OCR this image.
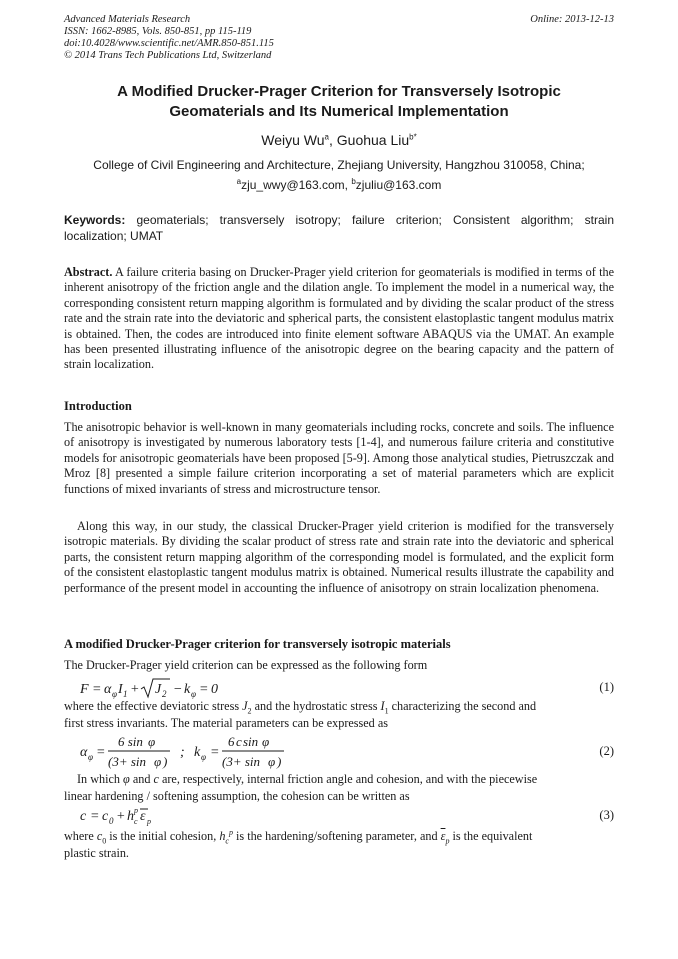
Advanced Materials Research
ISSN: 1662-8985, Vols. 850-851, pp 115-119
doi:10.4028/www.scientific.net/AMR.850-851.115
© 2014 Trans Tech Publications Ltd, Switzerland
Online: 2013-12-13
A Modified Drucker-Prager Criterion for Transversely Isotropic
Geomaterials and Its Numerical Implementation
Weiyu Wu$^a$, Guohua Liu$^{b*}$
College of Civil Engineering and Architecture, Zhejiang University, Hangzhou 310058, China;
$^a$zju_wwy@163.com, $^b$zjuliu@163.com
Keywords: geomaterials; transversely isotropy; failure criterion; Consistent algorithm; strain localization; UMAT
Abstract. A failure criteria basing on Drucker-Prager yield criterion for geomaterials is modified in terms of the inherent anisotropy of the friction angle and the dilation angle. To implement the model in a numerical way, the corresponding consistent return mapping algorithm is formulated and by dividing the scalar product of the stress rate and the strain rate into the deviatoric and spherical parts, the consistent elastoplastic tangent modulus matrix is obtained. Then, the codes are introduced into finite element software ABAQUS via the UMAT. An example has been presented illustrating influence of the anisotropic degree on the bearing capacity and the pattern of strain localization.
Introduction
The anisotropic behavior is well-known in many geomaterials including rocks, concrete and soils. The influence of anisotropy is investigated by numerous laboratory tests [1-4], and numerous failure criteria and constitutive models for anisotropic geomaterials have been proposed [5-9]. Among those analytical studies, Pietruszczak and Mroz [8] presented a simple failure criterion incorporating a set of material parameters which are explicit functions of mixed invariants of stress and microstructure tensor.
Along this way, in our study, the classical Drucker-Prager yield criterion is modified for the transversely isotropic materials. By dividing the scalar product of stress rate and strain rate into the deviatoric and spherical parts, the consistent return mapping algorithm of the corresponding model is formulated, and the explicit form of the consistent elastoplastic tangent modulus matrix is obtained. Numerical results illustrate the capability and performance of the present model in accounting the influence of anisotropy on strain localization phenomena.
A modified Drucker-Prager criterion for transversely isotropic materials
The Drucker-Prager yield criterion can be expressed as the following form
F = α φ I 1 + J 2 − k φ = 0	(1)
where the effective deviatoric stress $J_2$ and the hydrostatic stress $I_1$ characterizing the second and
first stress invariants. The material parameters can be expressed as
α φ =
6 sin φ
(3+ sin φ )
; k φ =
6 c sin φ
(3+ sin φ )
(2)
In which φ and c are, respectively, internal friction angle and cohesion, and with the piecewise
linear hardening / softening assumption, the cohesion can be written as
c = c 0 + h c
p ε p	(3)
where $c_0$ is the initial cohesion, $h_c^p$ is the hardening/softening parameter, and $\overline{\varepsilon}_p$ is the equivalent
plastic strain.
